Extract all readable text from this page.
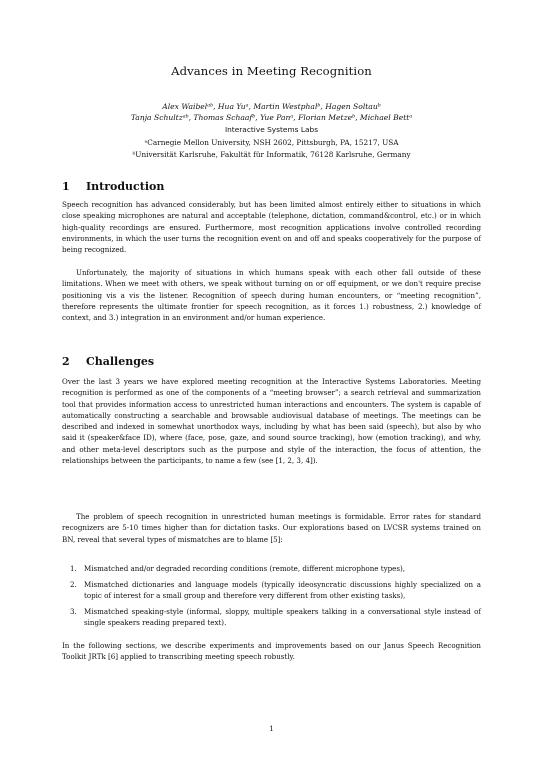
Advances in Meeting Recognition
Alex Waibelᵃᵇ, Hua Yuᵃ, Martin Westphalᵇ, Hagen Soltauᵇ
Tanja Schultzᵃᵇ, Thomas Schaafᵇ, Yue Panᵃ, Florian Metzeᵇ, Michael Bettᵃ
Interactive Systems Labs
ᵃCarnegie Mellon University, NSH 2602, Pittsburgh, PA, 15217, USA
ᵇUniversität Karlsruhe, Fakultät für Informatik, 76128 Karlsruhe, Germany
1 Introduction

Speech recognition has advanced considerably, but has been limited almost entirely either to situations in which close speaking microphones are natural and acceptable (telephone, dictation, command&control, etc.) or in which high-quality recordings are ensured. Furthermore, most recognition applications involve controlled recording environments, in which the user turns the recognition event on and off and speaks cooperatively for the purpose of being recognized.

Unfortunately, the majority of situations in which humans speak with each other fall outside of these limitations. When we meet with others, we speak without turning on or off equipment, or we don't require precise positioning vis a vis the listener. Recognition of speech during human encounters, or “meeting recognition”, therefore represents the ultimate frontier for speech recognition, as it forces 1.) robustness, 2.) knowledge of context, and 3.) integration in an environment and/or human experience.

2 Challenges

Over the last 3 years we have explored meeting recognition at the Interactive Systems Laboratories. Meeting recognition is performed as one of the components of a “meeting browser”; a search retrieval and summarization tool that provides information access to unrestricted human interactions and encounters. The system is capable of automatically constructing a searchable and browsable audiovisual database of meetings. The meetings can be described and indexed in somewhat unorthodox ways, including by what has been said (speech), but also by who said it (speaker&face ID), where (face, pose, gaze, and sound source tracking), how (emotion tracking), and why, and other meta-level descriptors such as the purpose and style of the interaction, the focus of attention, the relationships between the participants, to name a few (see [1, 2, 3, 4]).

The problem of speech recognition in unrestricted human meetings is formidable. Error rates for standard recognizers are 5-10 times higher than for dictation tasks. Our explorations based on LVCSR systems trained on BN, reveal that several types of mismatches are to blame [5]:

1. Mismatched and/or degraded recording conditions (remote, different microphone types),
2. Mismatched dictionaries and language models (typically ideosyncratic discussions highly specialized on a topic of interest for a small group and therefore very different from other existing tasks),
3. Mismatched speaking-style (informal, sloppy, multiple speakers talking in a conversational style instead of single speakers reading prepared text).

In the following sections, we describe experiments and improvements based on our Janus Speech Recognition Toolkit JRTk [6] applied to transcribing meeting speech robustly.

1
